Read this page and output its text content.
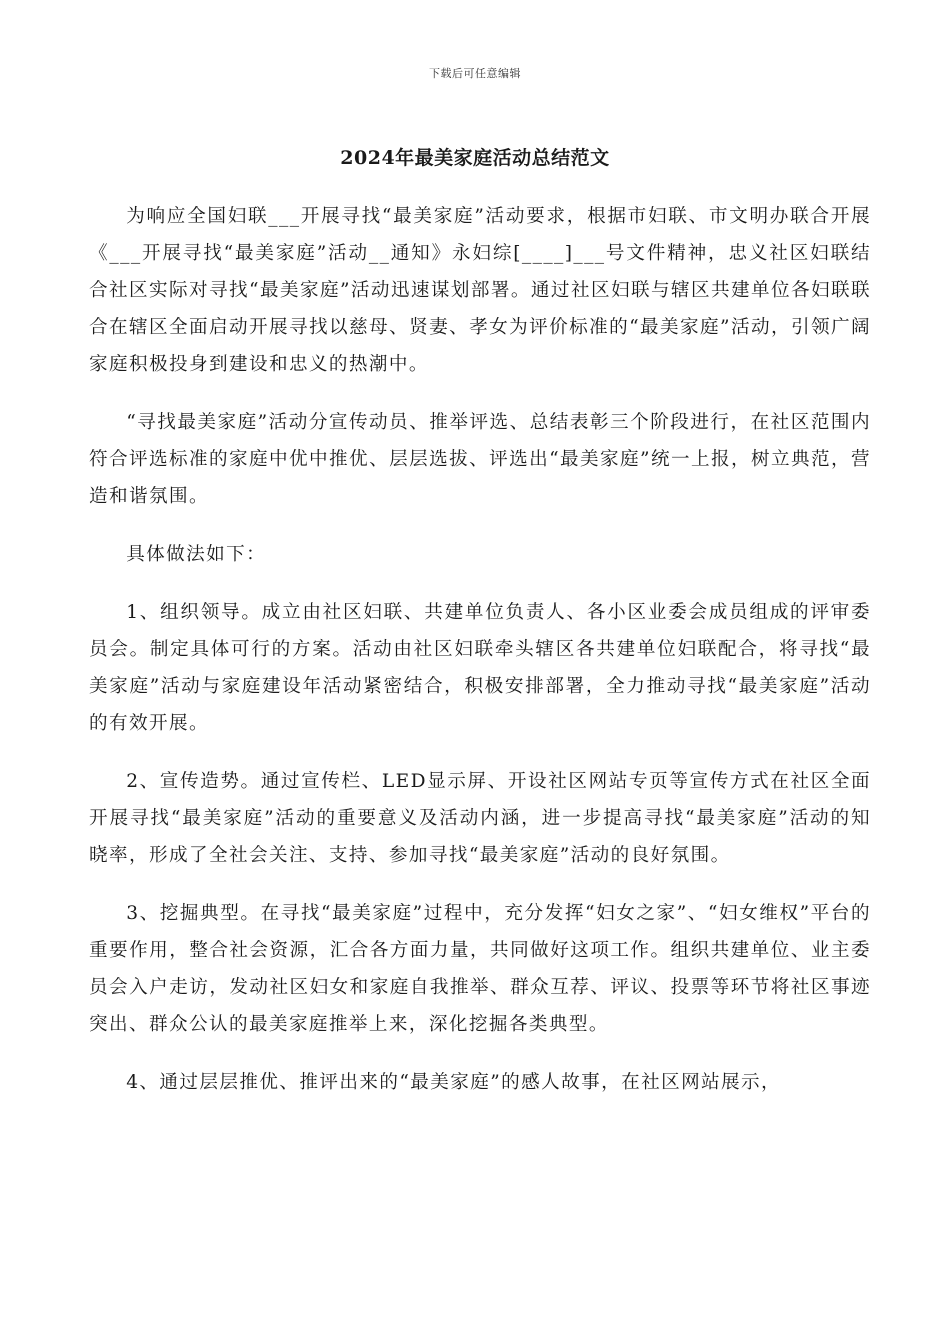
下载后可任意编辑
2024年最美家庭活动总结范文

为响应全国妇联___开展寻找“最美家庭”活动要求，根据市妇联、市文明办联合开展《___开展寻找“最美家庭”活动__通知》永妇综[____]___号文件精神，忠义社区妇联结合社区实际对寻找“最美家庭”活动迅速谋划部署。通过社区妇联与辖区共建单位各妇联联合在辖区全面启动开展寻找以慈母、贤妻、孝女为评价标准的“最美家庭”活动，引领广阔家庭积极投身到建设和忠义的热潮中。

“寻找最美家庭”活动分宣传动员、推举评选、总结表彰三个阶段进行，在社区范围内符合评选标准的家庭中优中推优、层层选拔、评选出“最美家庭”统一上报，树立典范，营造和谐氛围。

具体做法如下：

1、组织领导。成立由社区妇联、共建单位负责人、各小区业委会成员组成的评审委员会。制定具体可行的方案。活动由社区妇联牵头辖区各共建单位妇联配合，将寻找“最美家庭”活动与家庭建设年活动紧密结合，积极安排部署，全力推动寻找“最美家庭”活动的有效开展。

2、宣传造势。通过宣传栏、LED显示屏、开设社区网站专页等宣传方式在社区全面开展寻找“最美家庭”活动的重要意义及活动内涵，进一步提高寻找“最美家庭”活动的知晓率，形成了全社会关注、支持、参加寻找“最美家庭”活动的良好氛围。

3、挖掘典型。在寻找“最美家庭”过程中，充分发挥“妇女之家”、“妇女维权”平台的重要作用，整合社会资源，汇合各方面力量，共同做好这项工作。组织共建单位、业主委员会入户走访，发动社区妇女和家庭自我推举、群众互荐、评议、投票等环节将社区事迹突出、群众公认的最美家庭推举上来，深化挖掘各类典型。

4、通过层层推优、推评出来的“最美家庭”的感人故事，在社区网站展示，
